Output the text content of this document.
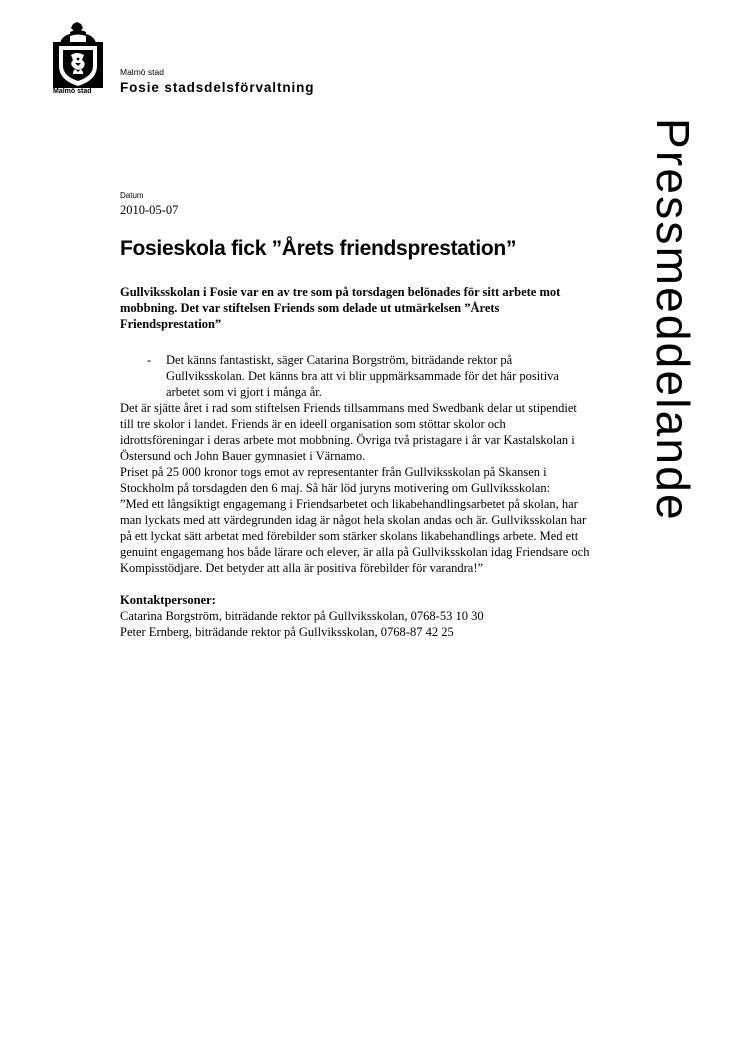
Malmö stad
Malmö stad
Fosie stadsdelsförvaltning
Pressmeddelande
Datum
2010-05-07
Fosieskola fick ”Årets friendsprestation”

Gullviksskolan i Fosie var en av tre som på torsdagen belönades för sitt arbete mot mobbning. Det var stiftelsen Friends som delade ut utmärkelsen ”Årets Friendsprestation”

- Det känns fantastiskt, säger Catarina Borgström, biträdande rektor på Gullviksskolan. Det känns bra att vi blir uppmärksammade för det här positiva arbetet som vi gjort i många år.

Det är sjätte året i rad som stiftelsen Friends tillsammans med Swedbank delar ut stipendiet till tre skolor i landet. Friends är en ideell organisation som stöttar skolor och idrottsföreningar i deras arbete mot mobbning. Övriga två pristagare i år var Kastalskolan i Östersund och John Bauer gymnasiet i Värnamo.

Priset på 25 000 kronor togs emot av representanter från Gullviksskolan på Skansen i Stockholm på torsdagden den 6 maj. Så här löd juryns motivering om Gullviksskolan:

”Med ett långsiktigt engagemang i Friendsarbetet och likabehandlingsarbetet på skolan, har man lyckats med att värdegrunden idag är något hela skolan andas och är. Gullviksskolan har på ett lyckat sätt arbetat med förebilder som stärker skolans likabehandlings arbete. Med ett genuint engagemang hos både lärare och elever, är alla på Gullviksskolan idag Friendsare och Kompisstödjare. Det betyder att alla är positiva förebilder för varandra!”

Kontaktpersoner:

Catarina Borgström, biträdande rektor på Gullviksskolan, 0768-53 10 30

Peter Ernberg, biträdande rektor på Gullviksskolan, 0768-87 42 25
